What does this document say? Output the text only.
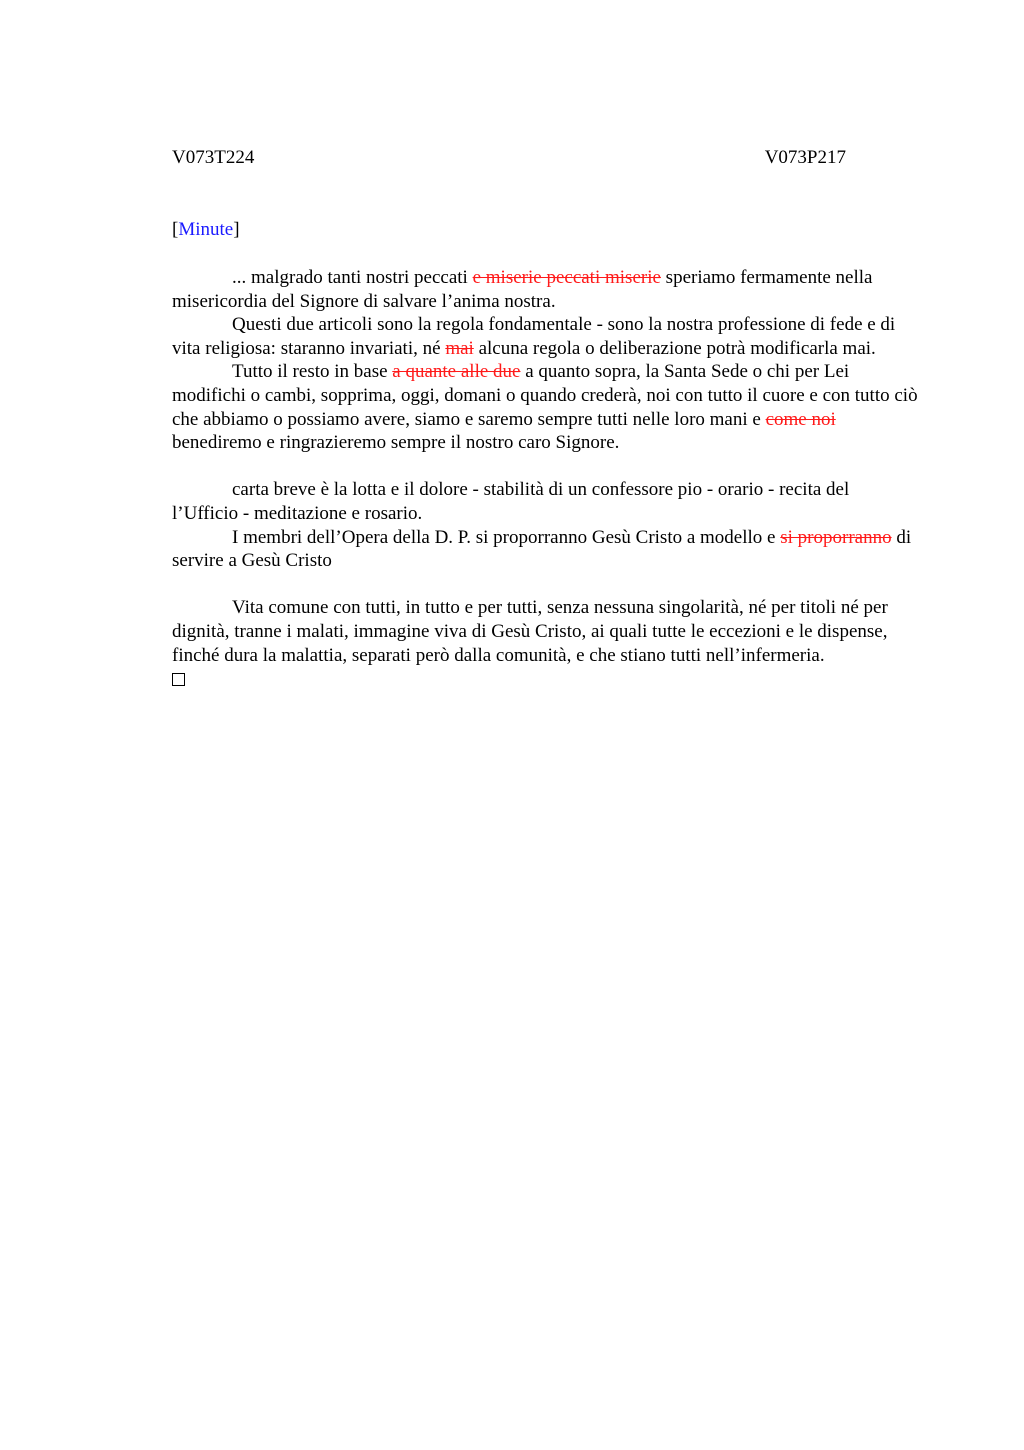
V073T224	V073P217
[Minute]

... malgrado tanti nostri peccati e miserie peccati miserie speriamo fermamente nella misericordia del Signore di salvare l’anima nostra.

Questi due articoli sono la regola fondamentale - sono la nostra professione di fede e di vita religiosa: staranno invariati, né mai alcuna regola o deliberazione potrà modificarla mai.

Tutto il resto in base a quante alle due a quanto sopra, la Santa Sede o chi per Lei modifichi o cambi, sopprima, oggi, domani o quando crederà, noi con tutto il cuore e con tutto ciò che abbiamo o possiamo avere, siamo e saremo sempre tutti nelle loro mani e come noi benediremo e ringrazieremo sempre il nostro caro Signore.

carta breve è la lotta e il dolore - stabilità di un confessore pio - orario - recita del l’Ufficio - meditazione e rosario.

I membri dell’Opera della D. P. si proporranno Gesù Cristo a modello e si proporranno di servire a Gesù Cristo

Vita comune con tutti, in tutto e per tutti, senza nessuna singolarità, né per titoli né per dignità, tranne i malati, immagine viva di Gesù Cristo, ai quali tutte le eccezioni e le dispense, finché dura la malattia, separati però dalla comunità, e che stiano tutti nell’infermeria.
